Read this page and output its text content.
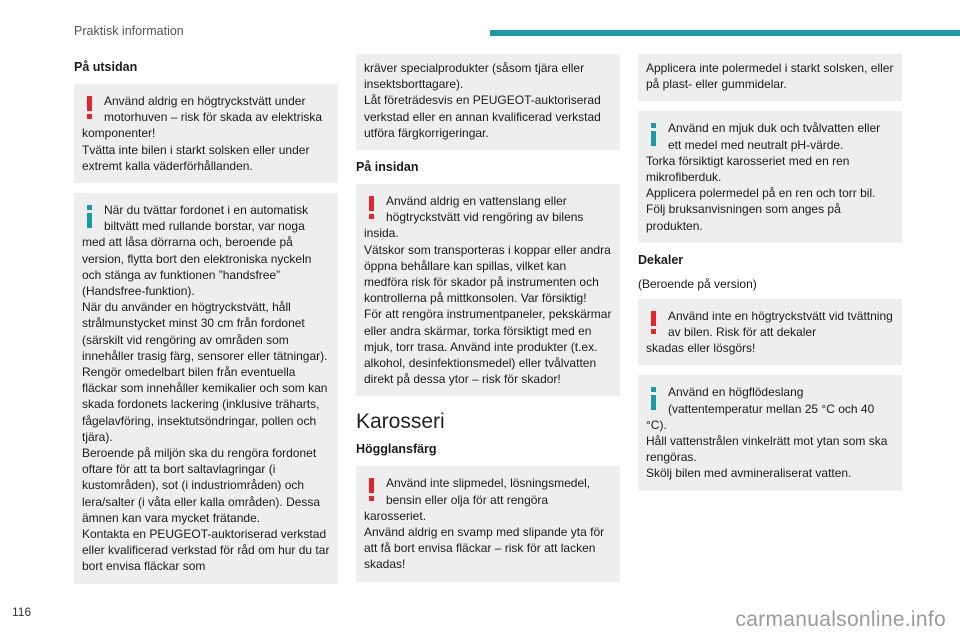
Praktisk information
På utsidan
Använd aldrig en högtryckstvätt under motorhuven – risk för skada av elektriska
komponenter!
Tvätta inte bilen i starkt solsken eller under extremt kalla väderförhållanden.
När du tvättar fordonet i en automatisk biltvätt med rullande borstar, var noga
med att låsa dörrarna och, beroende på version, flytta bort den elektroniska nyckeln och stänga av funktionen ”handsfree” (Handsfree-funktion).
När du använder en högtryckstvätt, håll strålmunstycket minst 30 cm från fordonet (särskilt vid rengöring av områden som innehåller trasig färg, sensorer eller tätningar).
Rengör omedelbart bilen från eventuella fläckar som innehåller kemikalier och som kan skada fordonets lackering (inklusive träharts, fågelavföring, insektutsöndringar, pollen och tjära).
Beroende på miljön ska du rengöra fordonet oftare för att ta bort saltavlagringar (i kustområden), sot (i industriområden) och lera/salter (i våta eller kalla områden). Dessa ämnen kan vara mycket frätande.
Kontakta en PEUGEOT-auktoriserad verkstad eller kvalificerad verkstad för råd om hur du tar bort envisa fläckar som
kräver specialprodukter (såsom tjära eller insektsborttagare).
Låt företrädesvis en PEUGEOT-auktoriserad verkstad eller en annan kvalificerad verkstad utföra färgkorrigeringar.
På insidan
Använd aldrig en vattenslang eller högtryckstvätt vid rengöring av bilens
insida.
Vätskor som transporteras i koppar eller andra öppna behållare kan spillas, vilket kan medföra risk för skador på instrumenten och kontrollerna på mittkonsolen. Var försiktig!
För att rengöra instrumentpaneler, pekskärmar eller andra skärmar, torka försiktigt med en mjuk, torr trasa. Använd inte produkter (t.ex. alkohol, desinfektionsmedel) eller tvålvatten direkt på dessa ytor – risk för skador!
Karosseri
Högglansfärg
Använd inte slipmedel, lösningsmedel, bensin eller olja för att rengöra
karosseriet.
Använd aldrig en svamp med slipande yta för att få bort envisa fläckar – risk för att lacken skadas!
Applicera inte polermedel i starkt solsken, eller på plast- eller gummidelar.
Använd en mjuk duk och tvålvatten eller ett medel med neutralt pH-värde.
Torka försiktigt karosseriet med en ren mikrofiberduk.
Applicera polermedel på en ren och torr bil.
Följ bruksanvisningen som anges på produkten.
Dekaler
(Beroende på version)
Använd inte en högtryckstvätt vid tvättning av bilen. Risk för att dekaler
skadas eller lösgörs!
Använd en högflödeslang (vattentemperatur mellan 25 °C och 40
°C).
Håll vattenstrålen vinkelrätt mot ytan som ska rengöras.
Skölj bilen med avmineraliserat vatten.
116	carmanualsonline.info
